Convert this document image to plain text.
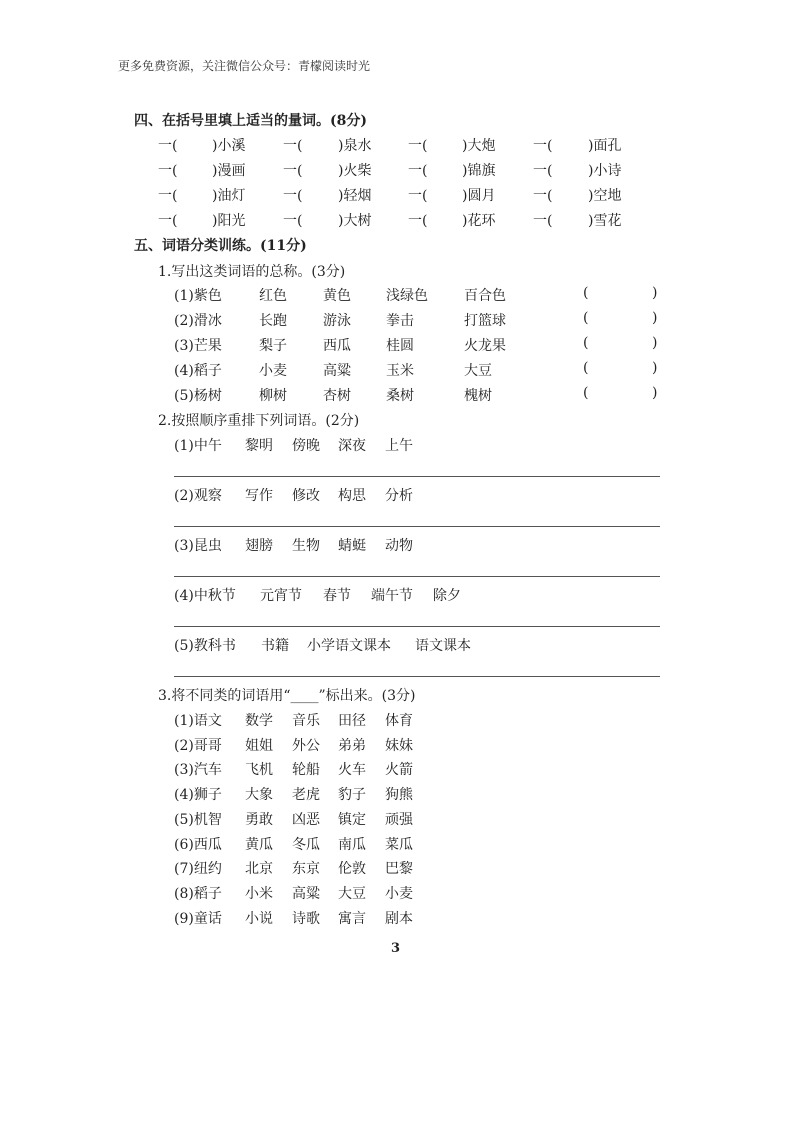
更多免费资源，关注微信公众号：青檬阅读时光
四、在括号里填上适当的量词。(8分)
一( )小溪	一(	)泉水	一( )大炮	一(	)面孔
一( )漫画	一(	)火柴	一( )锦旗	一(	)小诗
一( )油灯	一(	)轻烟	一( )圆月	一(	)空地
一( )阳光	一(	)大树	一( )花环	一(	)雪花
五、词语分类训练。(11分)
1.写出这类词语的总称。(3分)
(1)紫色	红色	黄色	浅绿色	百合色	(	)
(2)滑冰	长跑	游泳	拳击	打篮球	(	)
(3)芒果	梨子	西瓜	桂圆	火龙果	(	)
(4)稻子	小麦	高粱	玉米	大豆	(	)
(5)杨树	柳树	杏树	桑树	槐树	(	)
2.按照顺序重排下列词语。(2分)
(1)中午 黎明 傍晚 深夜 上午
(2)观察 写作 修改 构思 分析
(3)昆虫 翅膀 生物 蜻蜓 动物
(4)中秋节 元宵节 春节 端午节 除夕
(5)教科书 书籍 小学语文课本 语文课本
3.将不同类的词语用“____”标出来。(3分)
(1)语文 数学 音乐 田径 体育
(2)哥哥 姐姐 外公 弟弟 妹妹
(3)汽车 飞机 轮船 火车 火箭
(4)狮子 大象 老虎 豹子 狗熊
(5)机智 勇敢 凶恶 镇定 顽强
(6)西瓜 黄瓜 冬瓜 南瓜 菜瓜
(7)纽约 北京 东京 伦敦 巴黎
(8)稻子 小米 高粱 大豆 小麦
(9)童话 小说 诗歌 寓言 剧本
3
